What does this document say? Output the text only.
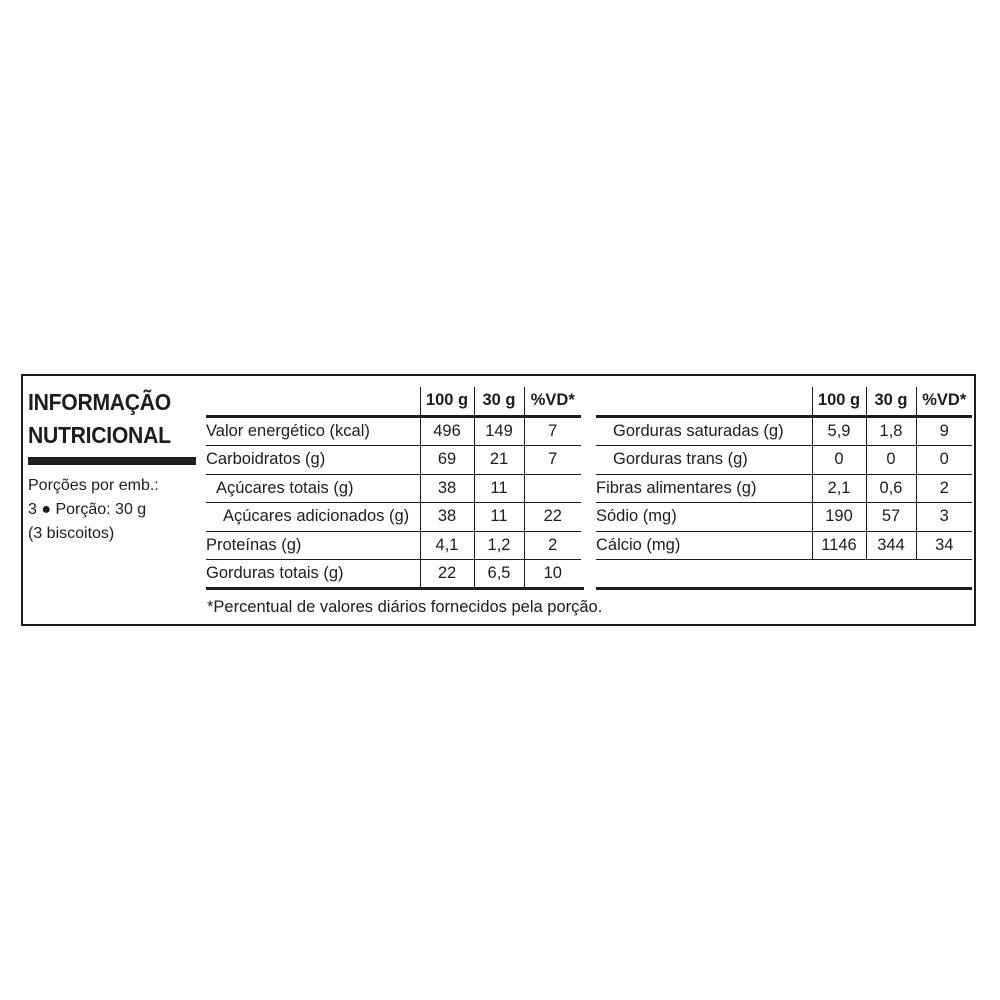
INFORMAÇÃO
NUTRICIONAL
Porções por emb.:
3 ● Porção: 30 g
(3 biscoitos)
	100 g	30 g	%VD*
Valor energético (kcal)	496	149	7
Carboidratos (g)	69	21	7
Açúcares totais (g)	38	11	
Açúcares adicionados (g)	38	11	22
Proteínas (g)	4,1	1,2	2
Gorduras totais (g)	22	6,5	10
	100 g	30 g	%VD*
Gorduras saturadas (g)	5,9	1,8	9
Gorduras trans (g)	0	0	0
Fibras alimentares (g)	2,1	0,6	2
Sódio (mg)	190	57	3
Cálcio (mg)	1146	344	34

*Percentual de valores diários fornecidos pela porção.
